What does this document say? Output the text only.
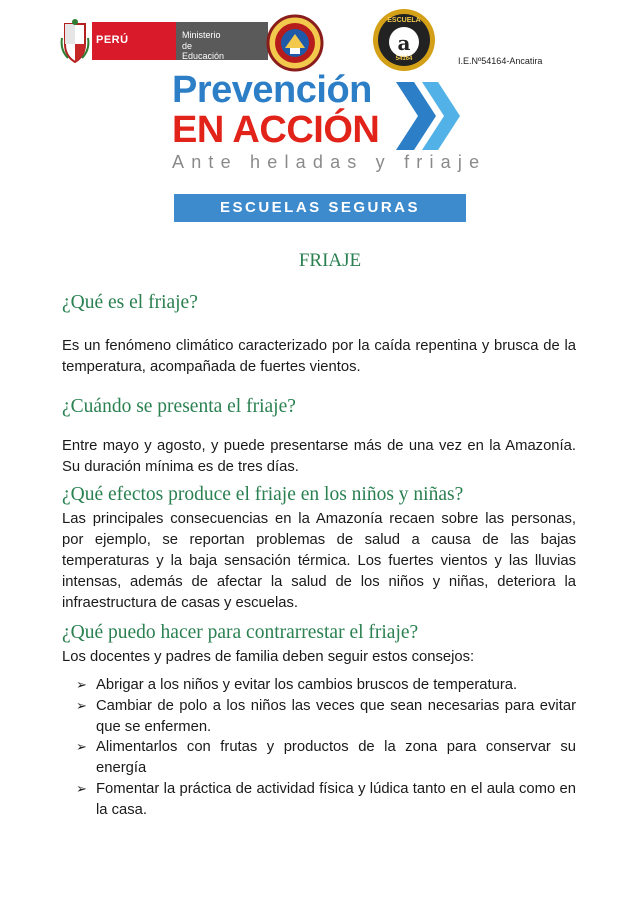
PERÚ	Ministerio
de Educación
a
ESCUELA
54164	I.E.Nº54164-Ancatira
Prevención
EN ACCIÓN
Ante heladas y friaje
ESCUELAS SEGURAS
FRIAJE
¿Qué es el friaje?
Es un fenómeno climático caracterizado por la caída repentina y brusca de la temperatura, acompañada de fuertes vientos.
¿Cuándo se presenta el friaje?
Entre mayo y agosto, y puede presentarse más de una vez en la Amazonía. Su duración mínima es de tres días.
¿Qué efectos produce el friaje en los niños y niñas?
Las principales consecuencias en la Amazonía recaen sobre las personas, por ejemplo, se reportan problemas de salud a causa de las bajas temperaturas y la baja sensación térmica. Los fuertes vientos y las lluvias intensas, además de afectar la salud de los niños y niñas, deteriora la infraestructura de casas y escuelas.
¿Qué puedo hacer para contrarrestar el friaje?
Los docentes y padres de familia deben seguir estos consejos:
➢ Abrigar a los niños y evitar los cambios bruscos de temperatura.
➢ Cambiar de polo a los niños las veces que sean necesarias para evitar que se enfermen.
➢ Alimentarlos con frutas y productos de la zona para conservar su energía
➢ Fomentar la práctica de actividad física y lúdica tanto en el aula como en la casa.
